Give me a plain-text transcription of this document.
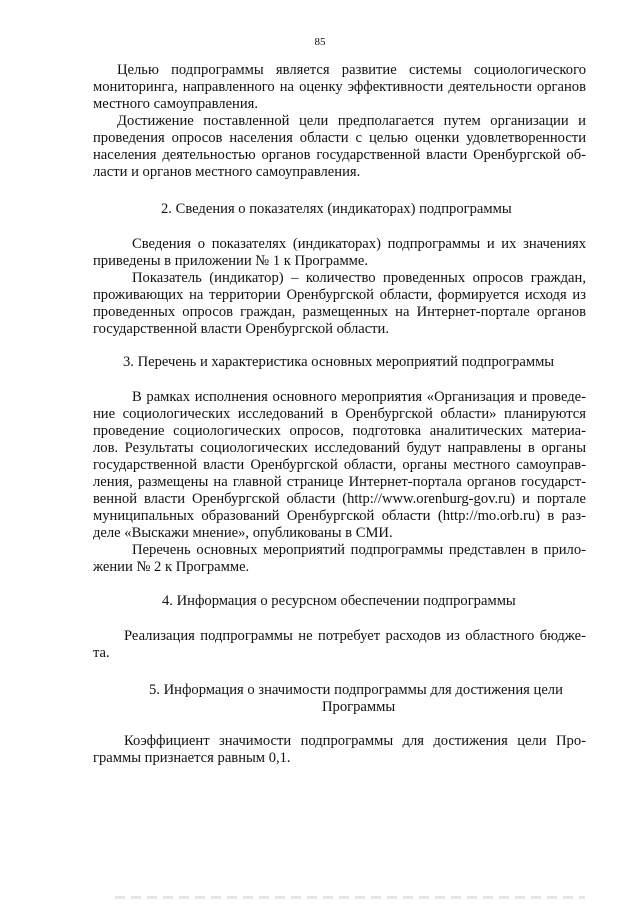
85
Целью подпрограммы является развитие системы социологического
мониторинга, направленного на оценку эффективности деятельности органов
местного самоуправления.
Достижение поставленной цели предполагается путем организации и
проведения опросов населения области с целью оценки удовлетворенности
населения деятельностью органов государственной власти Оренбургской об-
ласти и органов местного самоуправления.
2. Сведения о показателях (индикаторах) подпрограммы
Сведения о показателях (индикаторах) подпрограммы и их значениях
приведены в приложении № 1 к Программе.
Показатель (индикатор) – количество проведенных опросов граждан,
проживающих на территории Оренбургской области, формируется исходя из
проведенных опросов граждан, размещенных на Интернет-портале органов
государственной власти Оренбургской области.
3. Перечень и характеристика основных мероприятий подпрограммы
В рамках исполнения основного мероприятия «Организация и проведе-
ние социологических исследований в Оренбургской области» планируются
проведение социологических опросов, подготовка аналитических материа-
лов. Результаты социологических исследований будут направлены в органы
государственной власти Оренбургской области, органы местного самоуправ-
ления, размещены на главной странице Интернет-портала органов государст-
венной власти Оренбургской области (http://www.orenburg-gov.ru) и портале
муниципальных образований Оренбургской области (http://mo.orb.ru) в раз-
деле «Выскажи мнение», опубликованы в СМИ.
Перечень основных мероприятий подпрограммы представлен в прило-
жении № 2 к Программе.
4. Информация о ресурсном обеспечении подпрограммы
Реализация подпрограммы не потребует расходов из областного бюдже-
та.
5. Информация о значимости подпрограммы для достижения цели
Программы
Коэффициент значимости подпрограммы для достижения цели Про-
граммы признается равным 0,1.
